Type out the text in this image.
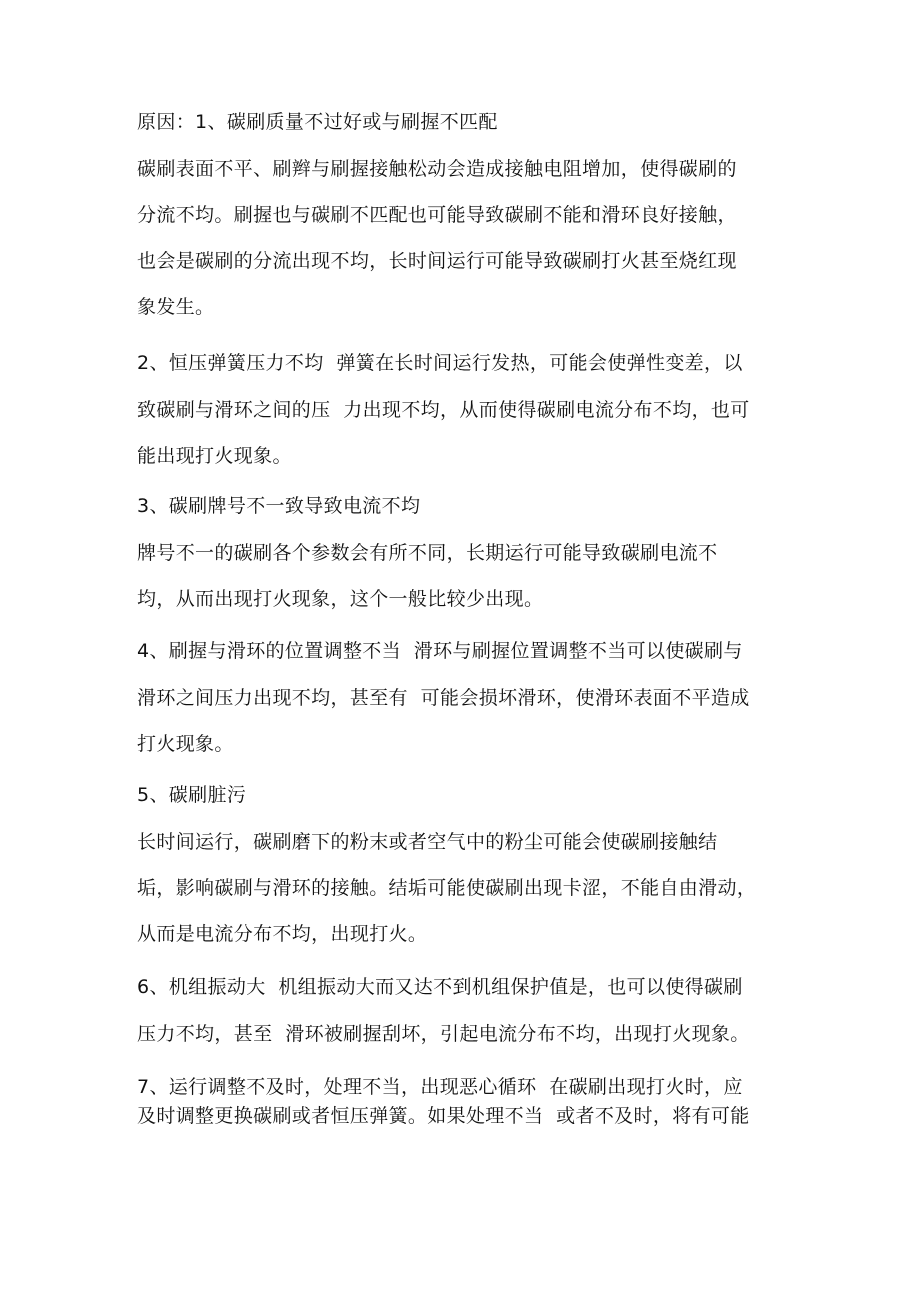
原因：1、碳刷质量不过好或与刷握不匹配
碳刷表面不平、刷辫与刷握接触松动会造成接触电阻增加，使得碳刷的
分流不均。刷握也与碳刷不匹配也可能导致碳刷不能和滑环良好接触，
也会是碳刷的分流出现不均，长时间运行可能导致碳刷打火甚至烧红现
象发生。
2、恒压弹簧压力不均  弹簧在长时间运行发热，可能会使弹性变差，以
致碳刷与滑环之间的压  力出现不均，从而使得碳刷电流分布不均，也可
能出现打火现象。
3、碳刷牌号不一致导致电流不均
牌号不一的碳刷各个参数会有所不同，长期运行可能导致碳刷电流不
均，从而出现打火现象，这个一般比较少出现。
4、刷握与滑环的位置调整不当  滑环与刷握位置调整不当可以使碳刷与
滑环之间压力出现不均，甚至有  可能会损坏滑环，使滑环表面不平造成
打火现象。
5、碳刷脏污
长时间运行，碳刷磨下的粉末或者空气中的粉尘可能会使碳刷接触结
垢，影响碳刷与滑环的接触。结垢可能使碳刷出现卡涩，不能自由滑动，
从而是电流分布不均，出现打火。
6、机组振动大  机组振动大而又达不到机组保护值是，也可以使得碳刷
压力不均，甚至  滑环被刷握刮坏，引起电流分布不均，出现打火现象。
7、运行调整不及时，处理不当，出现恶心循环  在碳刷出现打火时，应
及时调整更换碳刷或者恒压弹簧。如果处理不当  或者不及时，将有可能
